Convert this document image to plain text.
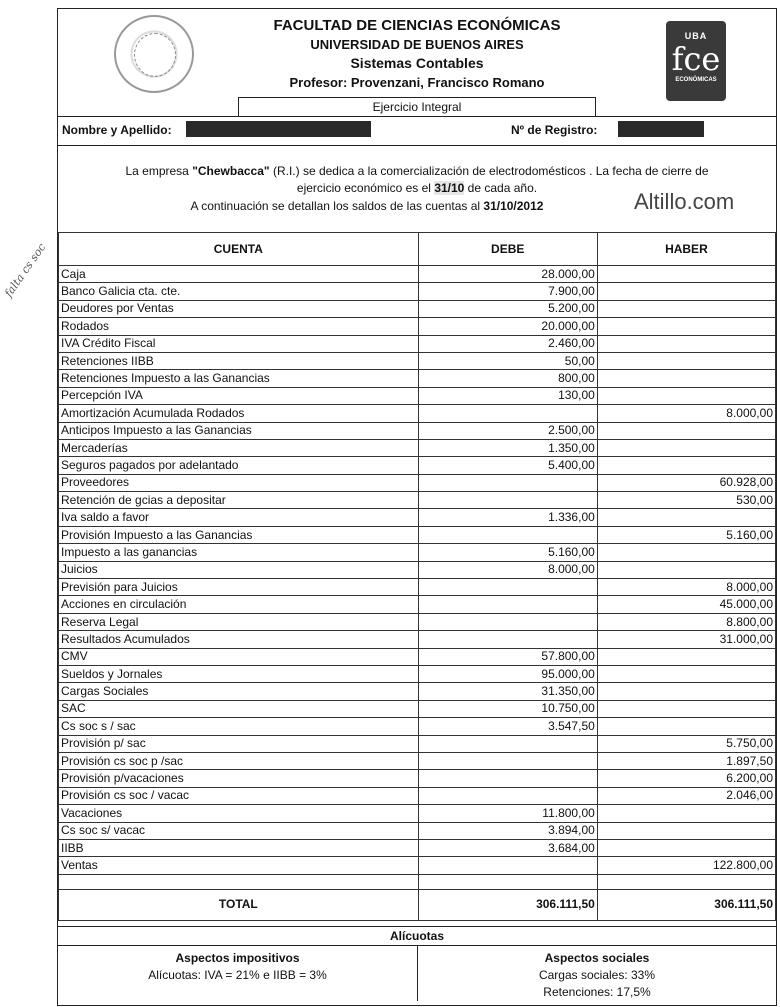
falta cs soc
UBA
fce
ECONÓMICAS
FACULTAD DE CIENCIAS ECONÓMICAS
UNIVERSIDAD DE BUENOS AIRES
Sistemas Contables
Profesor: Provenzani, Francisco Romano
Ejercicio Integral
Nombre y Apellido:	Nº de Registro:
La empresa "Chewbacca" (R.I.) se dedica a la comercialización de electrodomésticos . La fecha de cierre de
ejercicio económico es el 31/10 de cada año.
A continuación se detallan los saldos de las cuentas al 31/10/2012	Altillo.com
CUENTA	DEBE	HABER
Caja	28.000,00	
Banco Galicia cta. cte.	7.900,00	
Deudores por Ventas	5.200,00	
Rodados	20.000,00	
IVA Crédito Fiscal	2.460,00	
Retenciones IIBB	50,00	
Retenciones Impuesto a las Ganancias	800,00	
Percepción IVA	130,00	
Amortización Acumulada Rodados		8.000,00
Anticipos Impuesto a las Ganancias	2.500,00	
Mercaderías	1.350,00	
Seguros pagados por adelantado	5.400,00	
Proveedores		60.928,00
Retención de gcias a depositar		530,00
Iva saldo a favor	1.336,00	
Provisión Impuesto a las Ganancias		5.160,00
Impuesto a las ganancias	5.160,00	
Juicios	8.000,00	
Previsión para Juicios		8.000,00
Acciones en circulación		45.000,00
Reserva Legal		8.800,00
Resultados Acumulados		31.000,00
CMV	57.800,00	
Sueldos y Jornales	95.000,00	
Cargas Sociales	31.350,00	
SAC	10.750,00	
Cs soc s / sac	3.547,50	
Provisión p/ sac		5.750,00
Provisión cs soc p /sac		1.897,50
Provisión p/vacaciones		6.200,00
Provisión cs soc / vacac		2.046,00
Vacaciones	11.800,00	
Cs soc s/ vacac	3.894,00	
IIBB	3.684,00	
Ventas		122.800,00

TOTAL	306.111,50	306.111,50
Alícuotas
Aspectos impositivos
Alícuotas: IVA = 21% e IIBB = 3%
Aspectos sociales
Cargas sociales: 33%
Retenciones: 17,5%
